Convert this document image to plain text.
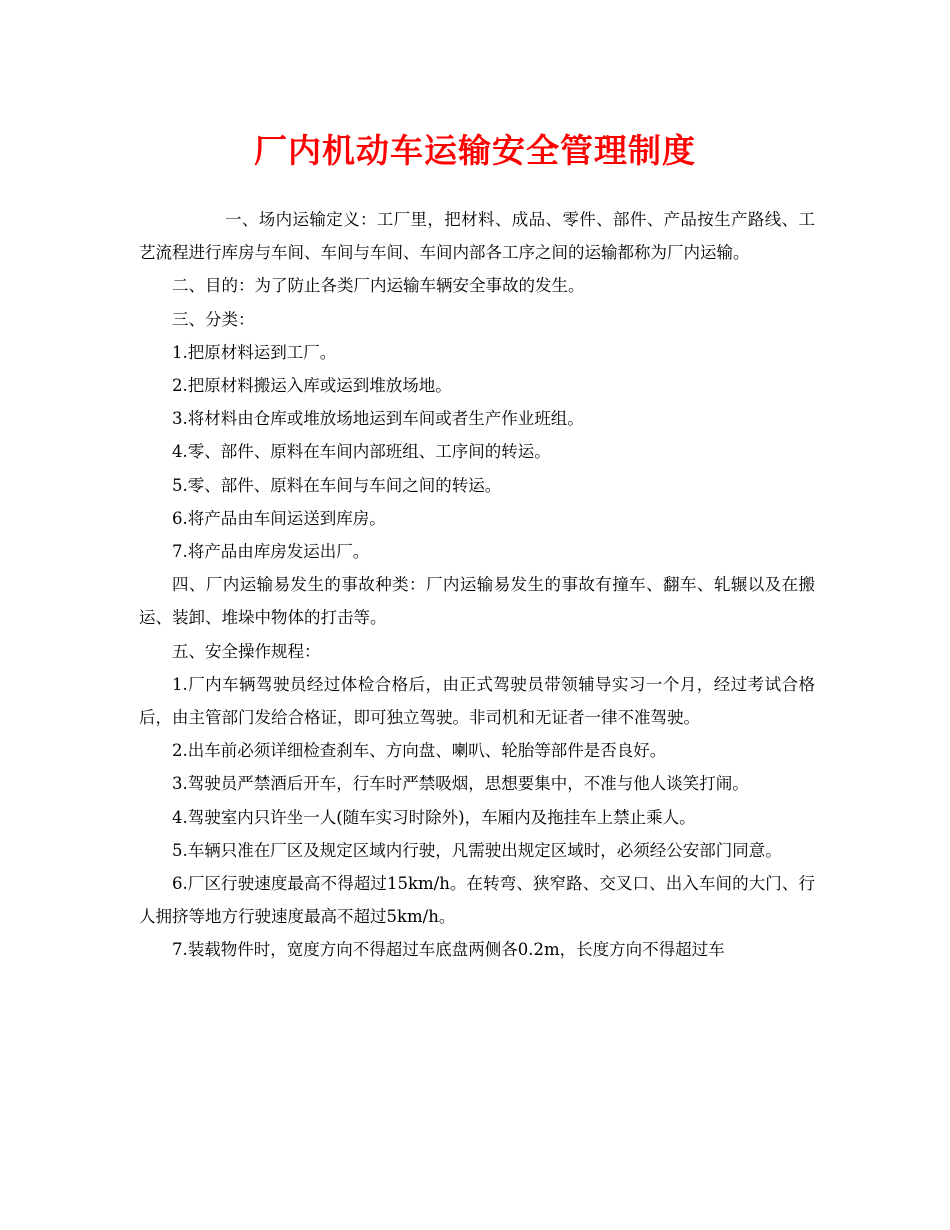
厂内机动车运输安全管理制度

一、场内运输定义：工厂里，把材料、成品、零件、部件、产品按生产路线、工艺流程进行库房与车间、车间与车间、车间内部各工序之间的运输都称为厂内运输。

二、目的：为了防止各类厂内运输车辆安全事故的发生。

三、分类：

1.把原材料运到工厂。

2.把原材料搬运入库或运到堆放场地。

3.将材料由仓库或堆放场地运到车间或者生产作业班组。

4.零、部件、原料在车间内部班组、工序间的转运。

5.零、部件、原料在车间与车间之间的转运。

6.将产品由车间运送到库房。

7.将产品由库房发运出厂。

四、厂内运输易发生的事故种类：厂内运输易发生的事故有撞车、翻车、轧辗以及在搬运、装卸、堆垛中物体的打击等。

五、安全操作规程：

1.厂内车辆驾驶员经过体检合格后，由正式驾驶员带领辅导实习一个月，经过考试合格后，由主管部门发给合格证，即可独立驾驶。非司机和无证者一律不准驾驶。

2.出车前必须详细检查刹车、方向盘、喇叭、轮胎等部件是否良好。

3.驾驶员严禁酒后开车，行车时严禁吸烟，思想要集中，不准与他人谈笑打闹。

4.驾驶室内只许坐一人(随车实习时除外)，车厢内及拖挂车上禁止乘人。

5.车辆只准在厂区及规定区域内行驶，凡需驶出规定区域时，必须经公安部门同意。

6.厂区行驶速度最高不得超过15km/h。在转弯、狭窄路、交叉口、出入车间的大门、行人拥挤等地方行驶速度最高不超过5km/h。

7.装载物件时，宽度方向不得超过车底盘两侧各0.2m，长度方向不得超过车
